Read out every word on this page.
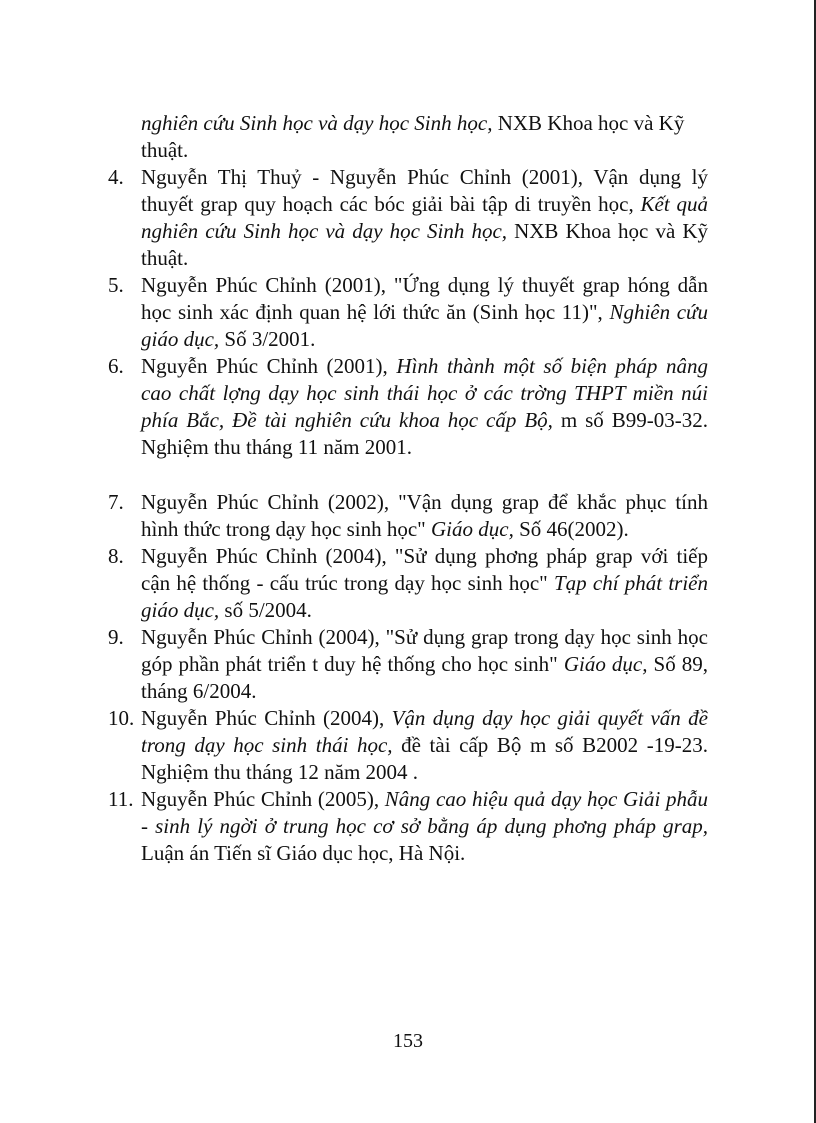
nghiên cứu Sinh học và dạy học Sinh học, NXB Khoa học và Kỹ thuật.

4. Nguyễn Thị Thuỷ - Nguyễn Phúc Chỉnh (2001), Vận dụng lý thuyết grap quy hoạch các bóc giải bài tập di truyền học, Kết quả nghiên cứu Sinh học và dạy học Sinh học, NXB Khoa học và Kỹ thuật.

5. Nguyễn Phúc Chỉnh (2001), "Ứng dụng lý thuyết grap hóng dẫn học sinh xác định quan hệ lới thức ăn (Sinh học 11)", Nghiên cứu giáo dục, Số 3/2001.

6. Nguyễn Phúc Chỉnh (2001), Hình thành một số biện pháp nâng cao chất lợng dạy học sinh thái học ở các trờng THPT miền núi phía Bắc, Đề tài nghiên cứu khoa học cấp Bộ, m số B99-03-32. Nghiệm thu tháng 11 năm 2001.

7. Nguyễn Phúc Chỉnh (2002), "Vận dụng grap để khắc phục tính hình thức trong dạy học sinh học" Giáo dục, Số 46(2002).

8. Nguyễn Phúc Chỉnh (2004), "Sử dụng phơng pháp grap với tiếp cận hệ thống - cấu trúc trong dạy học sinh học" Tạp chí phát triển giáo dục, số 5/2004.

9. Nguyễn Phúc Chỉnh (2004), "Sử dụng grap trong dạy học sinh học góp phần phát triển t duy hệ thống cho học sinh" Giáo dục, Số 89, tháng 6/2004.

10. Nguyễn Phúc Chỉnh (2004), Vận dụng dạy học giải quyết vấn đề trong dạy học sinh thái học, đề tài cấp Bộ m số B2002 -19-23. Nghiệm thu tháng 12 năm 2004 .

11. Nguyễn Phúc Chỉnh (2005), Nâng cao hiệu quả dạy học Giải phẫu - sinh lý ngời ở trung học cơ sở bằng áp dụng phơng pháp grap, Luận án Tiến sĩ Giáo dục học, Hà Nội.

153
